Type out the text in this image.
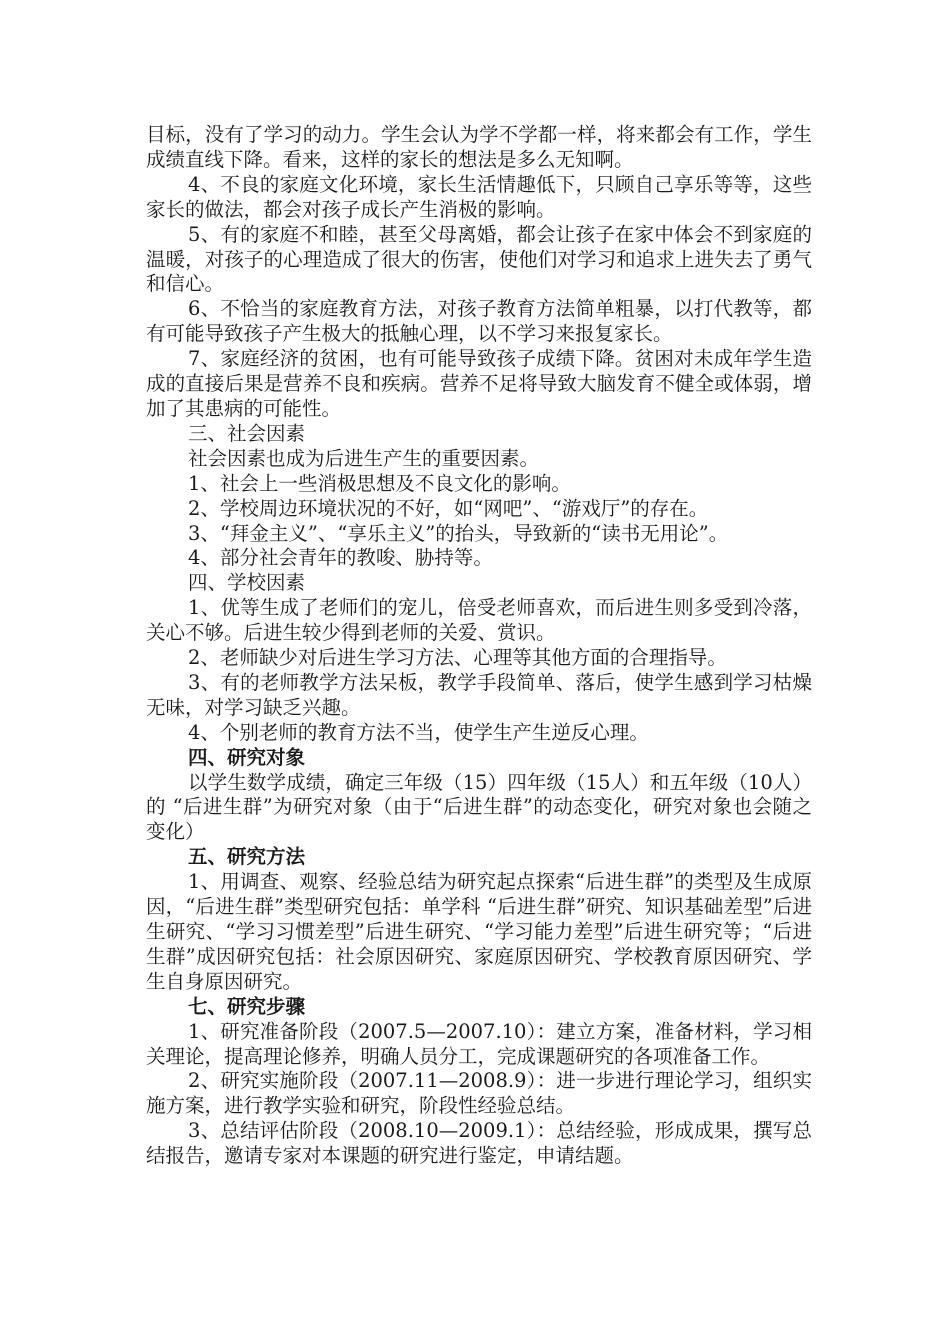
目标，没有了学习的动力。学生会认为学不学都一样，将来都会有工作，学生成绩直线下降。看来，这样的家长的想法是多么无知啊。

4、不良的家庭文化环境，家长生活情趣低下，只顾自己享乐等等，这些家长的做法，都会对孩子成长产生消极的影响。

5、有的家庭不和睦，甚至父母离婚，都会让孩子在家中体会不到家庭的温暖，对孩子的心理造成了很大的伤害，使他们对学习和追求上进失去了勇气和信心。

6、不恰当的家庭教育方法，对孩子教育方法简单粗暴，以打代教等，都有可能导致孩子产生极大的抵触心理，以不学习来报复家长。

7、家庭经济的贫困，也有可能导致孩子成绩下降。贫困对未成年学生造成的直接后果是营养不良和疾病。营养不足将导致大脑发育不健全或体弱，增加了其患病的可能性。

三、社会因素

社会因素也成为后进生产生的重要因素。

1、社会上一些消极思想及不良文化的影响。

2、学校周边环境状况的不好，如“网吧”、“游戏厅”的存在。

3、“拜金主义”、“享乐主义”的抬头，导致新的“读书无用论”。

4、部分社会青年的教唆、胁持等。

四、学校因素

1、优等生成了老师们的宠儿，倍受老师喜欢，而后进生则多受到冷落，关心不够。后进生较少得到老师的关爱、赏识。

2、老师缺少对后进生学习方法、心理等其他方面的合理指导。

3、有的老师教学方法呆板，教学手段简单、落后，使学生感到学习枯燥无味，对学习缺乏兴趣。

4、个别老师的教育方法不当，使学生产生逆反心理。

四、研究对象

以学生数学成绩，确定三年级（15）四年级（15人）和五年级（10人）的 “后进生群”为研究对象（由于“后进生群”的动态变化，研究对象也会随之变化）

五、研究方法

1、用调查、观察、经验总结为研究起点探索“后进生群”的类型及生成原因，“后进生群”类型研究包括：单学科 “后进生群”研究、知识基础差型”后进生研究、“学习习惯差型”后进生研究、“学习能力差型”后进生研究等；“后进生群”成因研究包括：社会原因研究、家庭原因研究、学校教育原因研究、学生自身原因研究。

七、研究步骤

1、研究准备阶段（2007.5—2007.10）：建立方案，准备材料，学习相关理论，提高理论修养，明确人员分工，完成课题研究的各项准备工作。

2、研究实施阶段（2007.11—2008.9）：进一步进行理论学习，组织实施方案，进行教学实验和研究，阶段性经验总结。

3、总结评估阶段（2008.10—2009.1）：总结经验，形成成果，撰写总结报告，邀请专家对本课题的研究进行鉴定，申请结题。
